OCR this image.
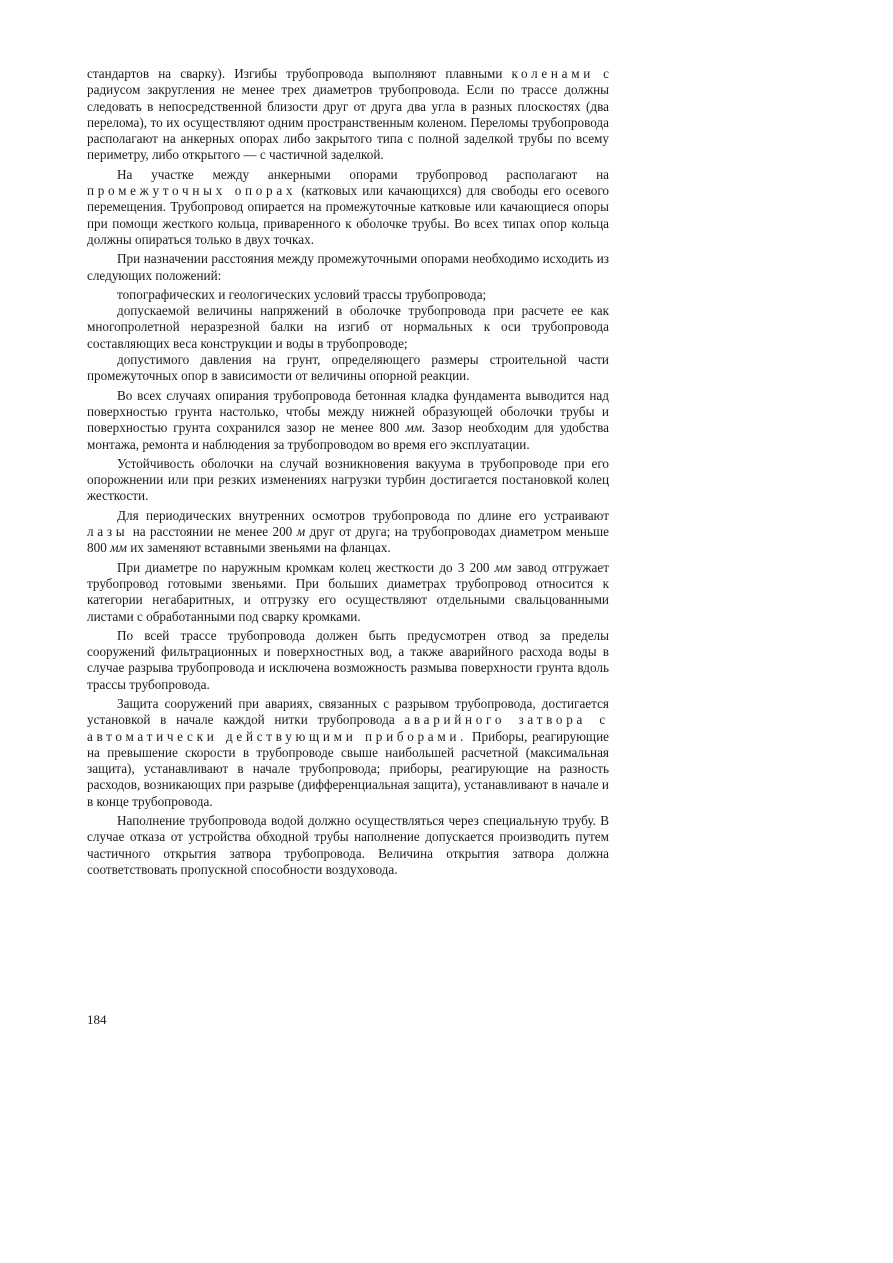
стандартов на сварку). Изгибы трубопровода выполняют плавными коленами с радиусом закругления не менее трех диаметров трубопровода. Если по трассе должны следовать в непосредственной близости друг от друга два угла в разных плоскостях (два перелома), то их осуществляют одним пространственным коленом. Переломы трубопровода располагают на анкерных опорах либо закрытого типа с полной заделкой трубы по всему периметру, либо открытого — с частичной заделкой.

На участке между анкерными опорами трубопровод располагают на промежуточных опорах (катковых или качающихся) для свободы его осевого перемещения. Трубопровод опирается на промежуточные катковые или качающиеся опоры при помощи жесткого кольца, приваренного к оболочке трубы. Во всех типах опор кольца должны опираться только в двух точках.

При назначении расстояния между промежуточными опорами необходимо исходить из следующих положений:

топографических и геологических условий трассы трубопровода;

допускаемой величины напряжений в оболочке трубопровода при расчете ее как многопролетной неразрезной балки на изгиб от нормальных к оси трубопровода составляющих веса конструкции и воды в трубопроводе;

допустимого давления на грунт, определяющего размеры строительной части промежуточных опор в зависимости от величины опорной реакции.

Во всех случаях опирания трубопровода бетонная кладка фундамента выводится над поверхностью грунта настолько, чтобы между нижней образующей оболочки трубы и поверхностью грунта сохранился зазор не менее 800 мм. Зазор необходим для удобства монтажа, ремонта и наблюдения за трубопроводом во время его эксплуатации.

Устойчивость оболочки на случай возникновения вакуума в трубопроводе при его опорожнении или при резких изменениях нагрузки турбин достигается постановкой колец жесткости.

Для периодических внутренних осмотров трубопровода по длине его устраивают лазы на расстоянии не менее 200 м друг от друга; на трубопроводах диаметром меньше 800 мм их заменяют вставными звеньями на фланцах.

При диаметре по наружным кромкам колец жесткости до 3 200 мм завод отгружает трубопровод готовыми звеньями. При больших диаметрах трубопровод относится к категории негабаритных, и отгрузку его осуществляют отдельными свальцованными листами с обработанными под сварку кромками.

По всей трассе трубопровода должен быть предусмотрен отвод за пределы сооружений фильтрационных и поверхностных вод, а также аварийного расхода воды в случае разрыва трубопровода и исключена возможность размыва поверхности грунта вдоль трассы трубопровода.

Защита сооружений при авариях, связанных с разрывом трубопровода, достигается установкой в начале каждой нитки трубопровода аварийного затвора с автоматически действующими приборами. Приборы, реагирующие на превышение скорости в трубопроводе свыше наибольшей расчетной (максимальная защита), устанавливают в начале трубопровода; приборы, реагирующие на разность расходов, возникающих при разрыве (дифференциальная защита), устанавливают в начале и в конце трубопровода.

Наполнение трубопровода водой должно осуществляться через специальную трубу. В случае отказа от устройства обходной трубы наполнение допускается производить путем частичного открытия затвора трубопровода. Величина открытия затвора должна соответствовать пропускной способности воздуховода.

184
